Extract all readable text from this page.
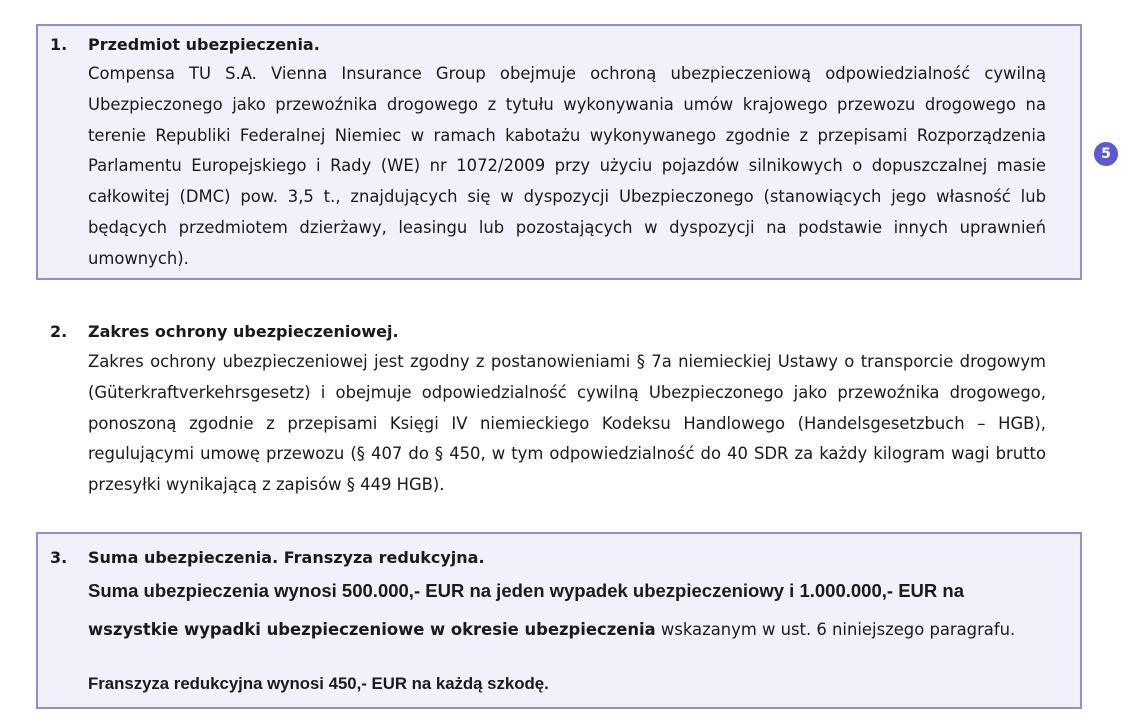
1.	Przedmiot ubezpieczenia.
Compensa TU S.A. Vienna Insurance Group obejmuje ochroną ubezpieczeniową odpowiedzialność cywilną Ubezpieczonego jako przewoźnika drogowego z tytułu wykonywania umów krajowego przewozu drogowego na terenie Republiki Federalnej Niemiec w ramach kabotażu wykonywanego zgodnie z przepisami Rozporządzenia Parlamentu Europejskiego i Rady (WE) nr 1072/2009 przy użyciu pojazdów silnikowych o dopuszczalnej masie całkowitej (DMC) pow. 3,5 t., znajdujących się w dyspozycji Ubezpieczonego (stanowiących jego własność lub będących przedmiotem dzierżawy, leasingu lub pozostających w dyspozycji na podstawie innych uprawnień umownych).
2.	Zakres ochrony ubezpieczeniowej.
Zakres ochrony ubezpieczeniowej jest zgodny z postanowieniami § 7a niemieckiej Ustawy o transporcie drogowym (Güterkraftverkehrsgesetz) i obejmuje odpowiedzialność cywilną Ubezpieczonego jako przewoźnika drogowego, ponoszoną zgodnie z przepisami Księgi IV niemieckiego Kodeksu Handlowego (Handelsgesetzbuch – HGB), regulującymi umowę przewozu (§ 407 do § 450, w tym odpowiedzialność do 40 SDR za każdy kilogram wagi brutto przesyłki wynikającą z zapisów § 449 HGB).
3.	Suma ubezpieczenia. Franszyza redukcyjna.
Suma ubezpieczenia wynosi 500.000,- EUR na jeden wypadek ubezpieczeniowy i 1.000.000,- EUR na
wszystkie wypadki ubezpieczeniowe w okresie ubezpieczenia wskazanym w ust. 6 niniejszego paragrafu.
Franszyza redukcyjna wynosi 450,- EUR na każdą szkodę.
5
